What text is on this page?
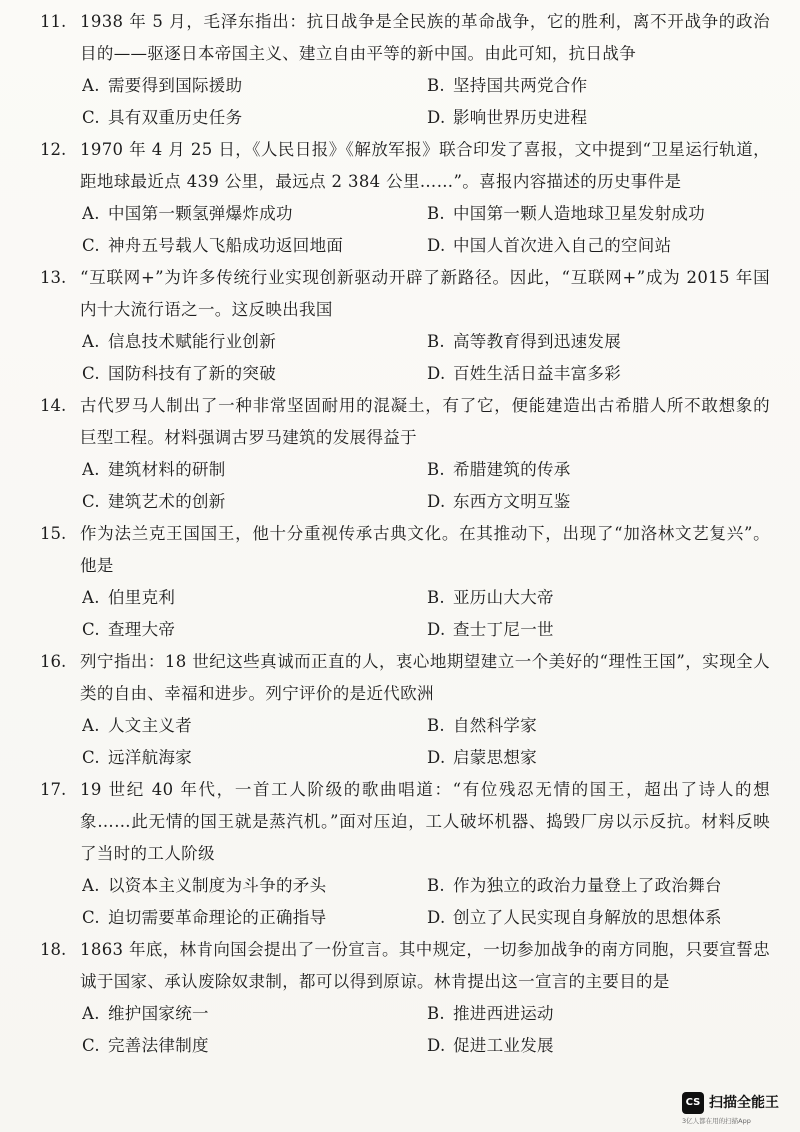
11. 1938 年 5 月，毛泽东指出：抗日战争是全民族的革命战争，它的胜利，离不开战争的政治目的——驱逐日本帝国主义、建立自由平等的新中国。由此可知，抗日战争
A. 需要得到国际援助	B. 坚持国共两党合作
C. 具有双重历史任务	D. 影响世界历史进程
12. 1970 年 4 月 25 日，《人民日报》《解放军报》联合印发了喜报，文中提到“卫星运行轨道，距地球最近点 439 公里，最远点 2 384 公里……”。喜报内容描述的历史事件是
A. 中国第一颗氢弹爆炸成功	B. 中国第一颗人造地球卫星发射成功
C. 神舟五号载人飞船成功返回地面	D. 中国人首次进入自己的空间站
13. “互联网+”为许多传统行业实现创新驱动开辟了新路径。因此，“互联网+”成为 2015 年国内十大流行语之一。这反映出我国
A. 信息技术赋能行业创新	B. 高等教育得到迅速发展
C. 国防科技有了新的突破	D. 百姓生活日益丰富多彩
14. 古代罗马人制出了一种非常坚固耐用的混凝土，有了它，便能建造出古希腊人所不敢想象的巨型工程。材料强调古罗马建筑的发展得益于
A. 建筑材料的研制	B. 希腊建筑的传承
C. 建筑艺术的创新	D. 东西方文明互鉴
15. 作为法兰克王国国王，他十分重视传承古典文化。在其推动下，出现了“加洛林文艺复兴”。他是
A. 伯里克利	B. 亚历山大大帝
C. 查理大帝	D. 查士丁尼一世
16. 列宁指出：18 世纪这些真诚而正直的人，衷心地期望建立一个美好的“理性王国”，实现全人类的自由、幸福和进步。列宁评价的是近代欧洲
A. 人文主义者	B. 自然科学家
C. 远洋航海家	D. 启蒙思想家
17. 19 世纪 40 年代，一首工人阶级的歌曲唱道：“有位残忍无情的国王，超出了诗人的想象……此无情的国王就是蒸汽机。”面对压迫，工人破坏机器、捣毁厂房以示反抗。材料反映了当时的工人阶级
A. 以资本主义制度为斗争的矛头	B. 作为独立的政治力量登上了政治舞台
C. 迫切需要革命理论的正确指导	D. 创立了人民实现自身解放的思想体系
18. 1863 年底，林肯向国会提出了一份宣言。其中规定，一切参加战争的南方同胞，只要宣誓忠诚于国家、承认废除奴隶制，都可以得到原谅。林肯提出这一宣言的主要目的是
A. 维护国家统一	B. 推进西进运动
C. 完善法律制度	D. 促进工业发展
CS 扫描全能王
3亿人都在用的扫描App
